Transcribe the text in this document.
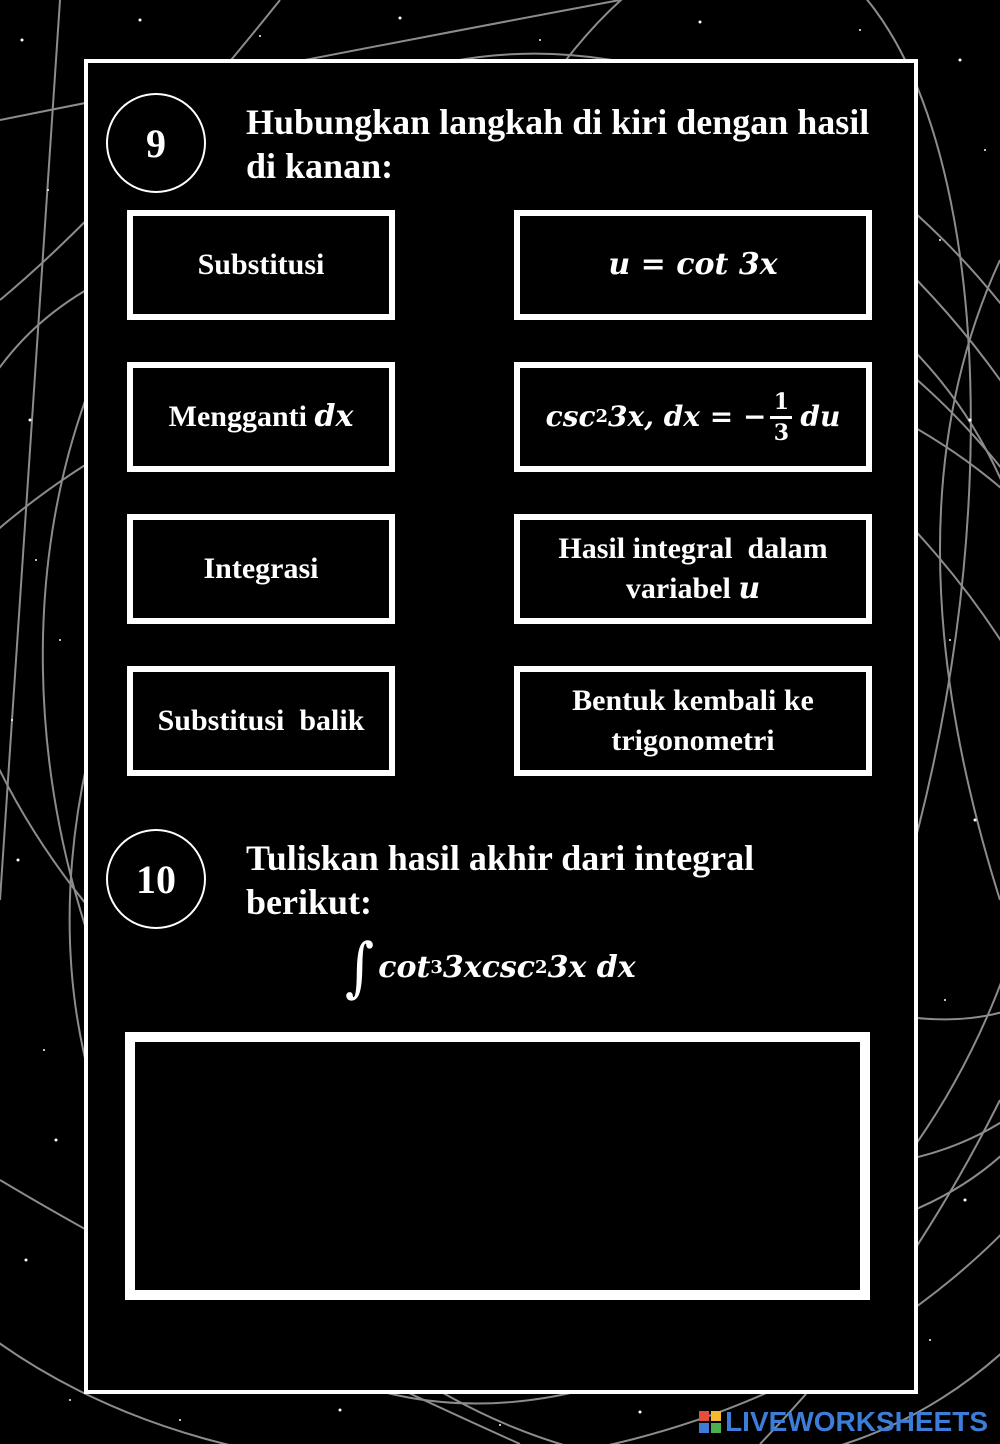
9 Hubungkan langkah di kiri dengan hasil di kanan:
Substitusi
Mengganti dx
Integrasi
Substitusi  balik
u = cot 3x
csc 2 3x, dx = − $\frac{1}{3}$ du
Hasil integral  dalam
variabel u
Bentuk kembali ke
trigonometri
10 Tuliskan hasil akhir dari integral
berikut:
∫ cot 3 3xcsc 2 3x dx
LIVEWORKSHEETS
